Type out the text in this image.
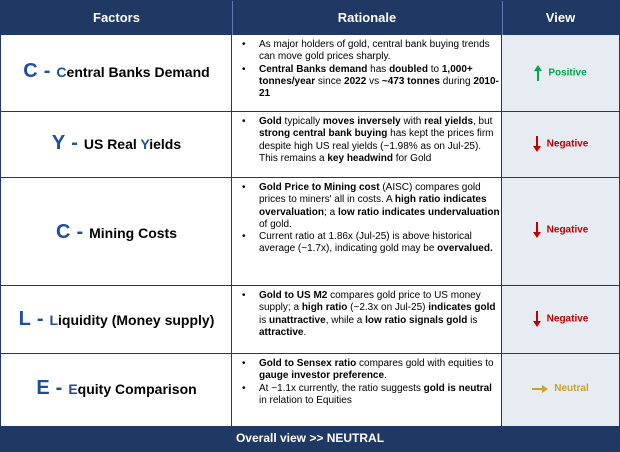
Factors	Rationale	View
C - Central Banks Demand
• As major holders of gold, central bank buying trends can move gold prices sharply.
• Central Banks demand has doubled to 1,000+ tonnes/year since 2022 vs ~473 tonnes during 2010-21
Positive
Y - US Real Yields
• Gold typically moves inversely with real yields, but strong central bank buying has kept the prices firm despite high US real yields (~1.98% as on Jul-25). This remains a key headwind for Gold
Negative
C - Mining Costs
• Gold Price to Mining cost (AISC) compares gold prices to miners' all in costs. A high ratio indicates overvaluation; a low ratio indicates undervaluation of gold.
• Current ratio at 1.86x (Jul-25) is above historical average (~1.7x), indicating gold may be overvalued.
Negative
L - Liquidity (Money supply)
• Gold to US M2 compares gold price to US money supply; a high ratio (~2.3x on Jul-25) indicates gold is unattractive, while a low ratio signals gold is attractive.
Negative
E - Equity Comparison
• Gold to Sensex ratio compares gold with equities to gauge investor preference.
• At ~1.1x currently, the ratio suggests gold is neutral in relation to Equities
Neutral
Overall view >> NEUTRAL
